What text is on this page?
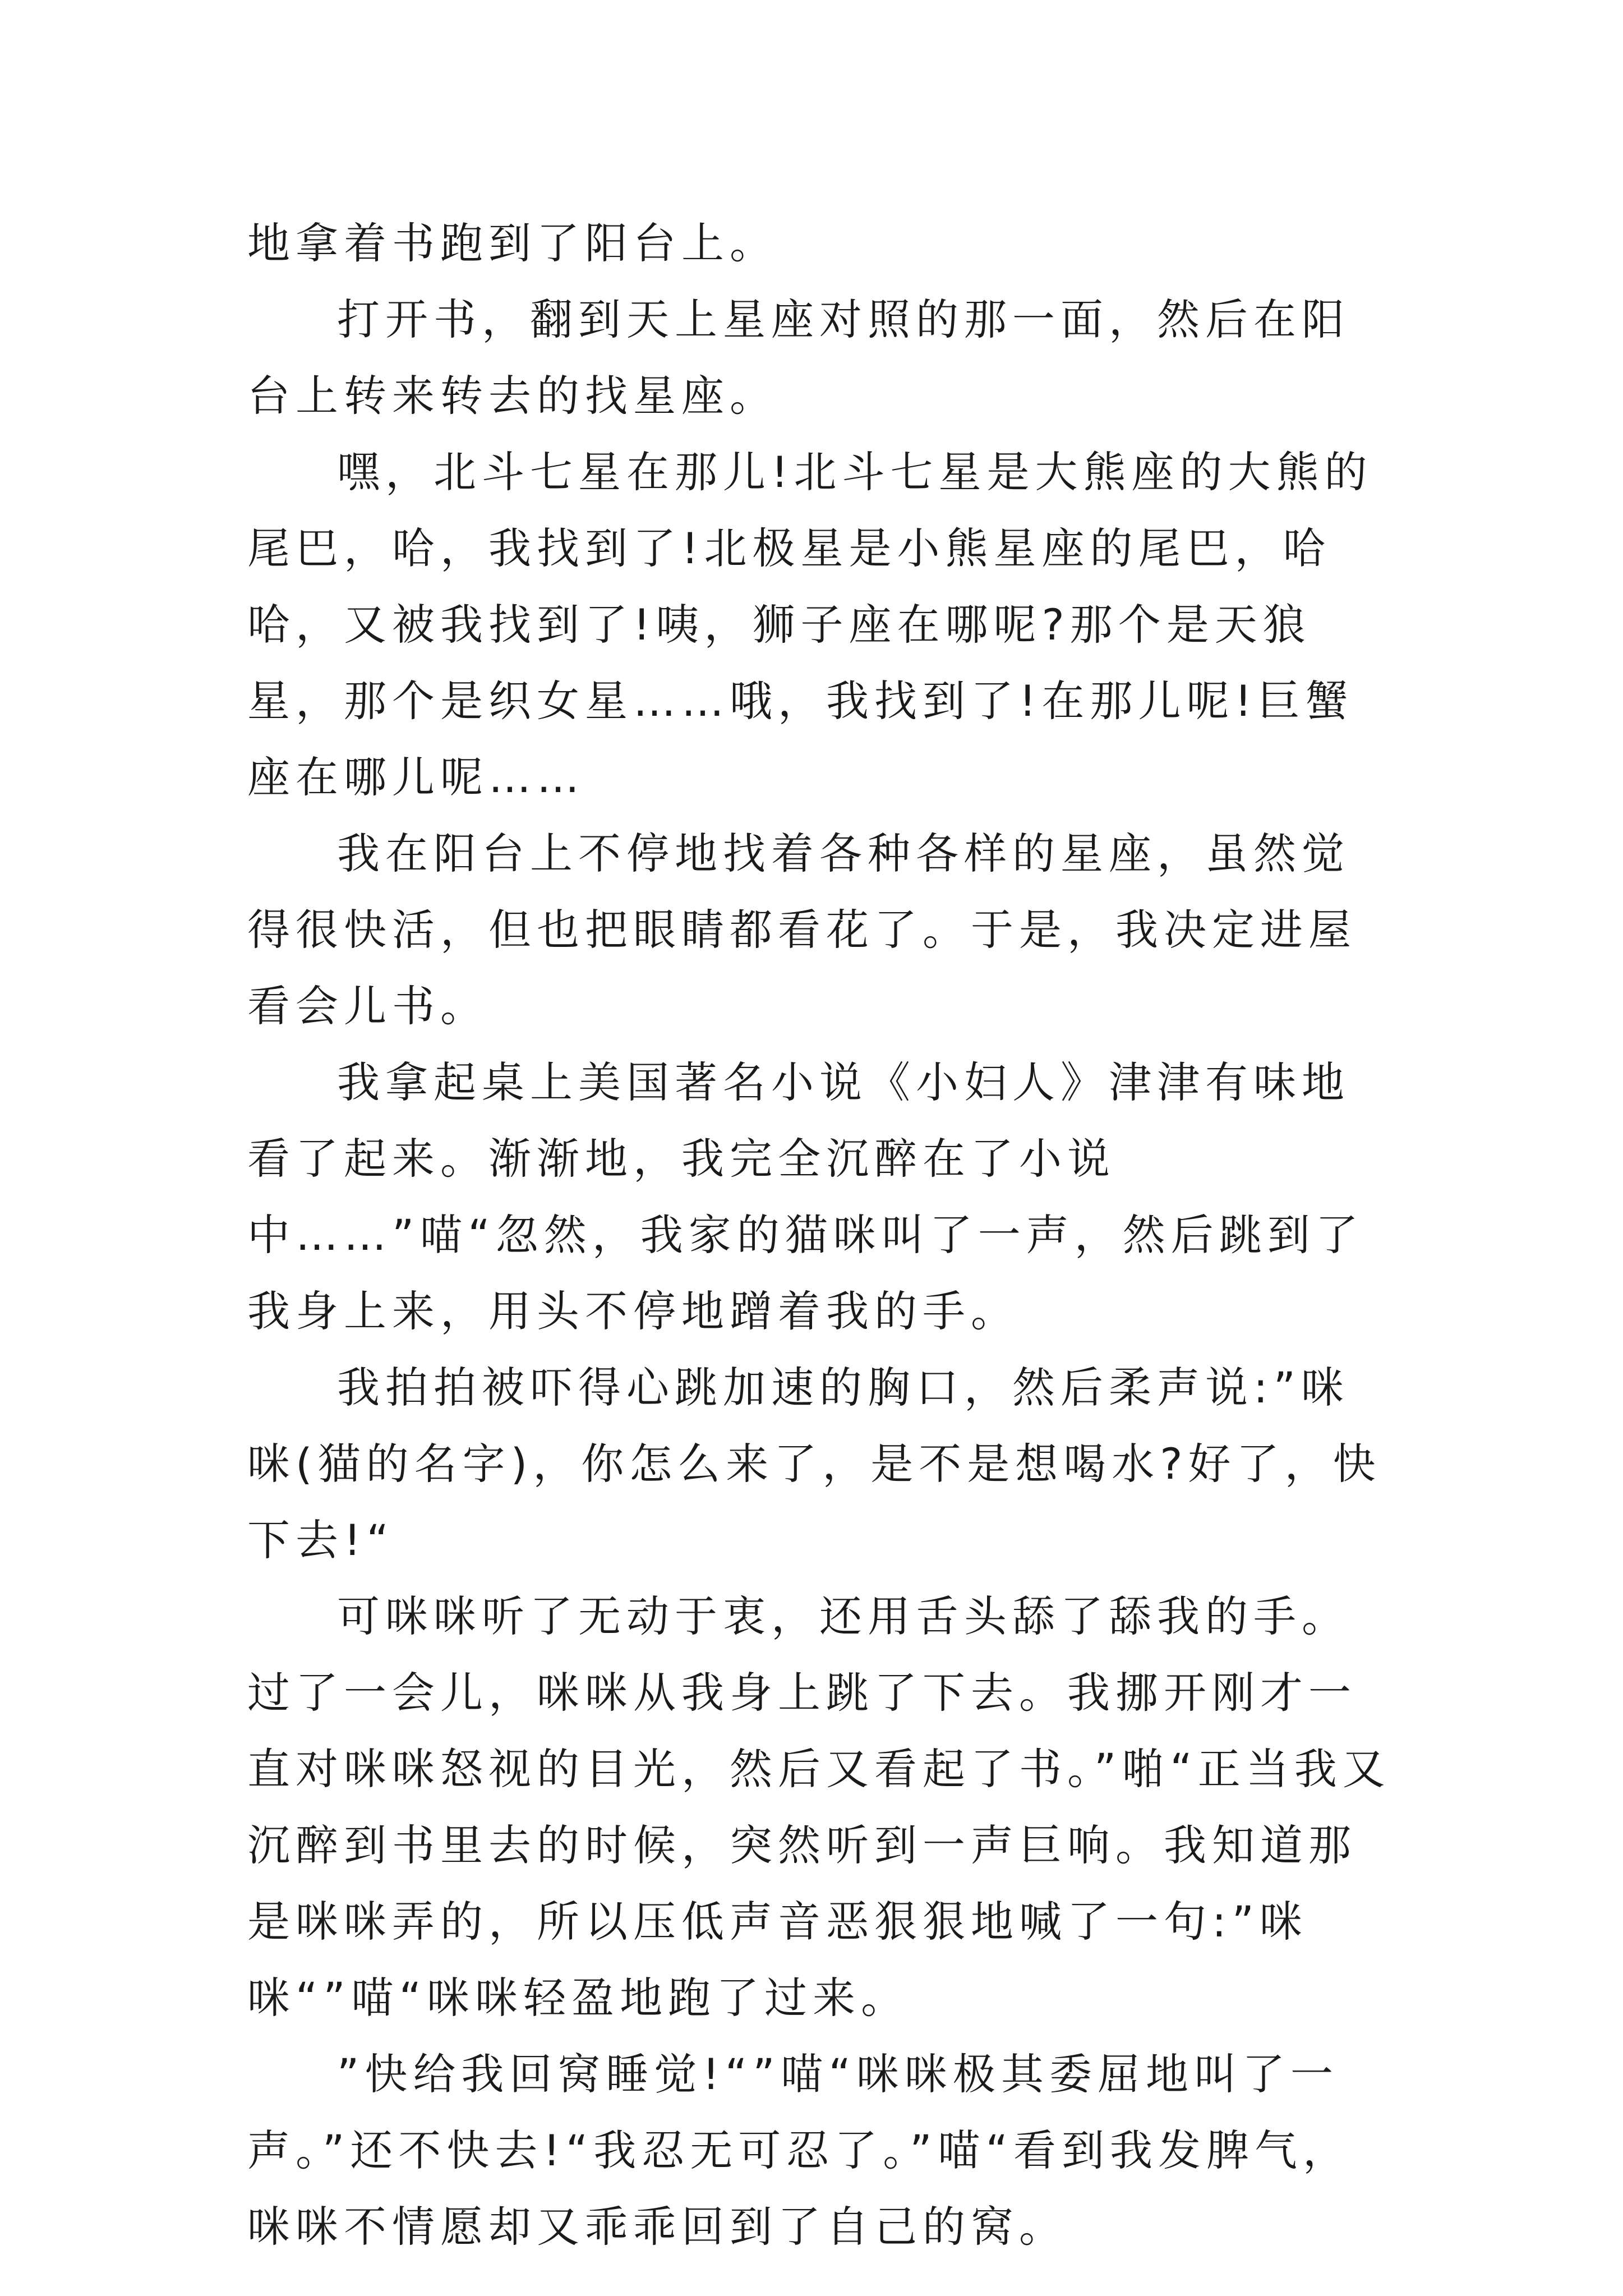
地拿着书跑到了阳台上。

打开书，翻到天上星座对照的那一面，然后在阳台上转来转去的找星座。

嘿，北斗七星在那儿!北斗七星是大熊座的大熊的尾巴，哈，我找到了!北极星是小熊星座的尾巴，哈哈，又被我找到了!咦，狮子座在哪呢?那个是天狼星，那个是织女星……哦，我找到了!在那儿呢!巨蟹座在哪儿呢……

我在阳台上不停地找着各种各样的星座，虽然觉得很快活，但也把眼睛都看花了。于是，我决定进屋看会儿书。

我拿起桌上美国著名小说《小妇人》津津有味地看了起来。渐渐地，我完全沉醉在了小说中……”喵“忽然，我家的猫咪叫了一声，然后跳到了我身上来，用头不停地蹭着我的手。

我拍拍被吓得心跳加速的胸口，然后柔声说:”咪咪(猫的名字)，你怎么来了，是不是想喝水?好了，快下去!“

可咪咪听了无动于衷，还用舌头舔了舔我的手。过了一会儿，咪咪从我身上跳了下去。我挪开刚才一直对咪咪怒视的目光，然后又看起了书。”啪“正当我又沉醉到书里去的时候，突然听到一声巨响。我知道那是咪咪弄的，所以压低声音恶狠狠地喊了一句:”咪咪“”喵“咪咪轻盈地跑了过来。

”快给我回窝睡觉!“”喵“咪咪极其委屈地叫了一声。”还不快去!“我忍无可忍了。”喵“看到我发脾气，咪咪不情愿却又乖乖回到了自己的窝。
